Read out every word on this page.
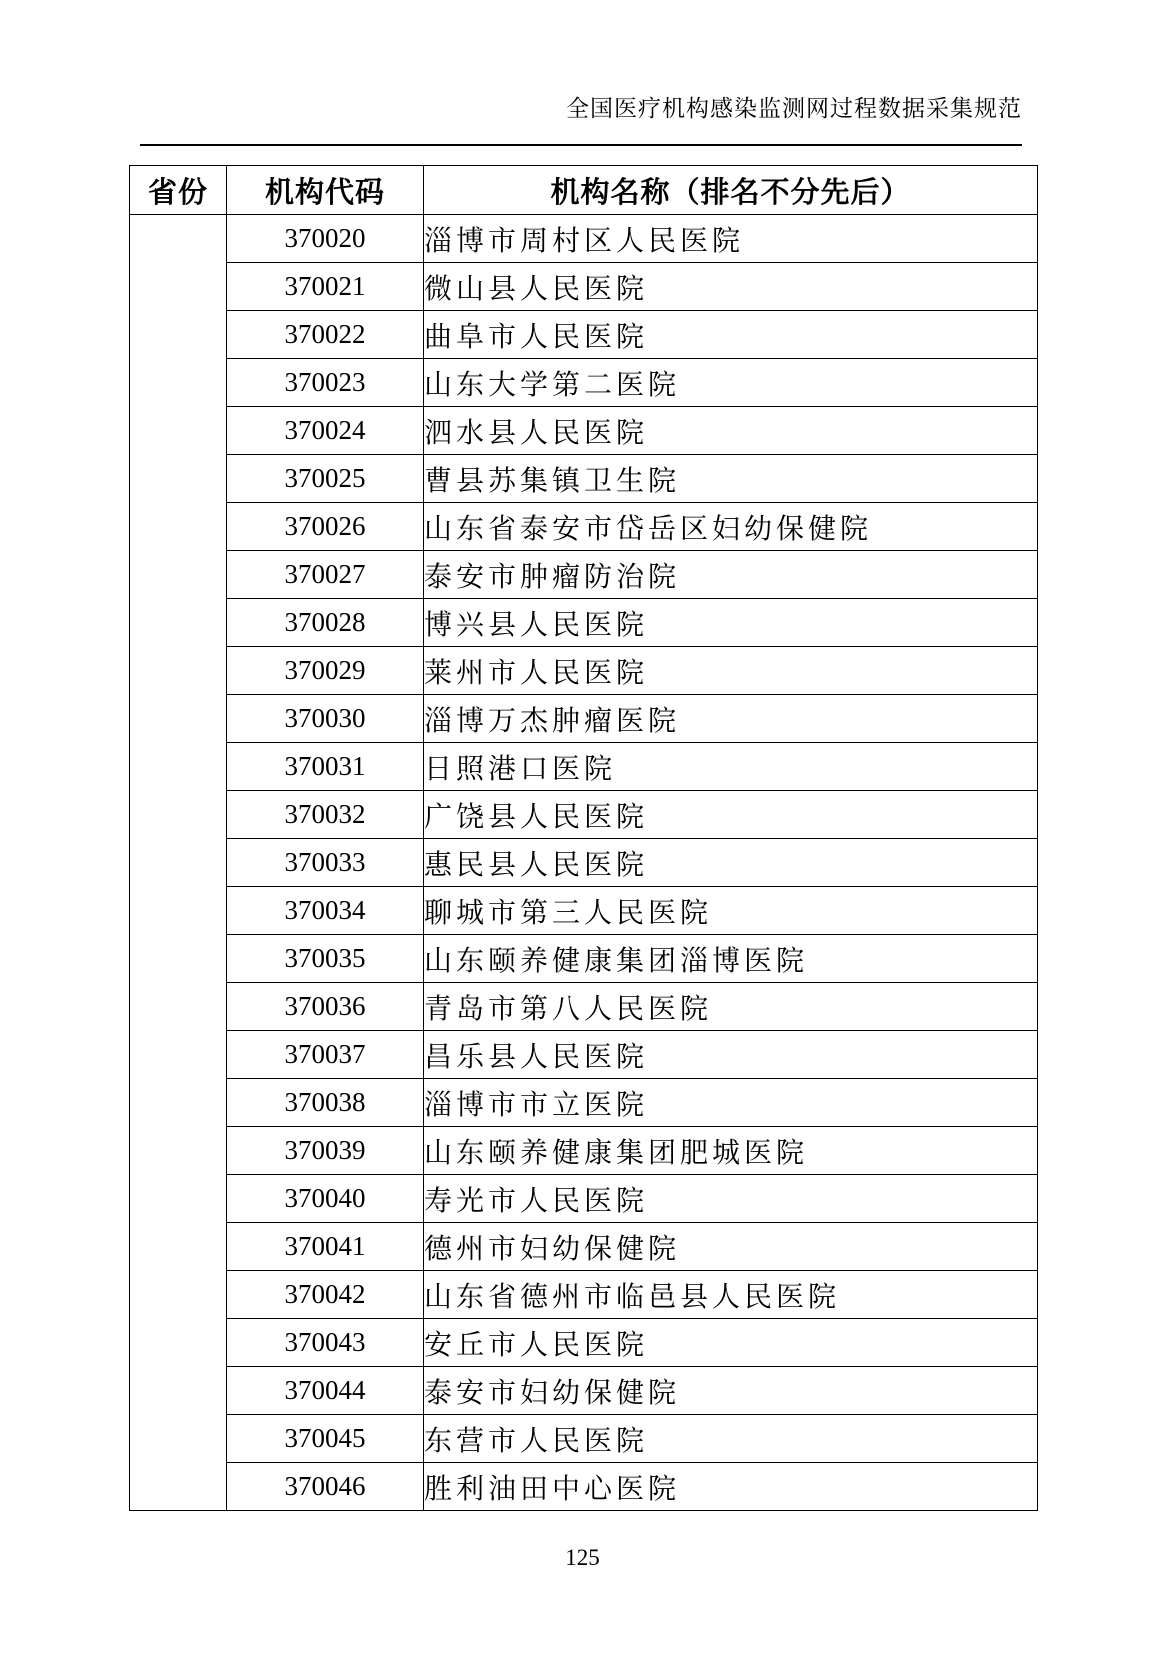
全国医疗机构感染监测网过程数据采集规范
省份	机构代码	机构名称（排名不分先后）
	370020	淄博市周村区人民医院
	370021	微山县人民医院
	370022	曲阜市人民医院
	370023	山东大学第二医院
	370024	泗水县人民医院
	370025	曹县苏集镇卫生院
	370026	山东省泰安市岱岳区妇幼保健院
	370027	泰安市肿瘤防治院
	370028	博兴县人民医院
	370029	莱州市人民医院
	370030	淄博万杰肿瘤医院
	370031	日照港口医院
	370032	广饶县人民医院
	370033	惠民县人民医院
	370034	聊城市第三人民医院
	370035	山东颐养健康集团淄博医院
	370036	青岛市第八人民医院
	370037	昌乐县人民医院
	370038	淄博市市立医院
	370039	山东颐养健康集团肥城医院
	370040	寿光市人民医院
	370041	德州市妇幼保健院
	370042	山东省德州市临邑县人民医院
	370043	安丘市人民医院
	370044	泰安市妇幼保健院
	370045	东营市人民医院
	370046	胜利油田中心医院
125
